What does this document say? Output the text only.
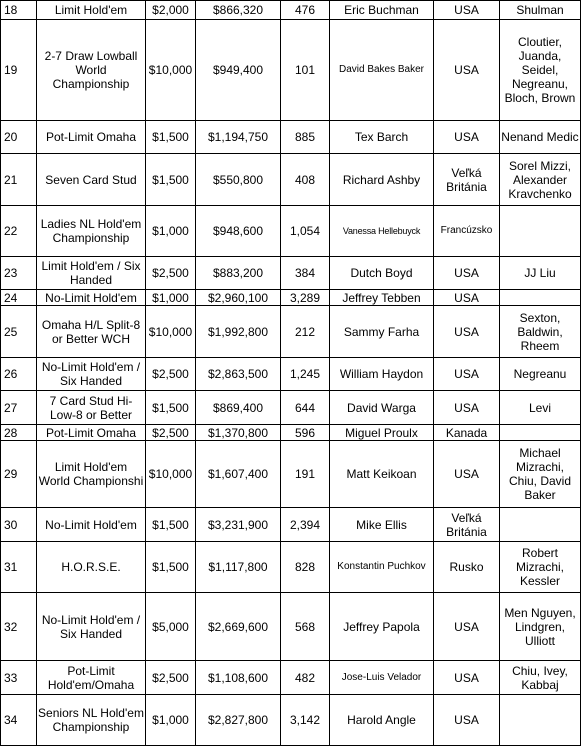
18	Limit Hold'em	$2,000	$866,320	476	Eric Buchman	USA	Shulman
19	2-7 Draw Lowball World Championship	$10,000	$949,400	101	David Bakes Baker	USA	Cloutier, Juanda, Seidel, Negreanu, Bloch, Brown
20	Pot-Limit Omaha	$1,500	$1,194,750	885	Tex Barch	USA	Nenand Medic
21	Seven Card Stud	$1,500	$550,800	408	Richard Ashby	Veľká Británia	Sorel Mizzi, Alexander Kravchenko
22	Ladies NL Hold'em Championship	$1,000	$948,600	1,054	Vanessa Hellebuyck	Francúzsko	
23	Limit Hold'em / Six Handed	$2,500	$883,200	384	Dutch Boyd	USA	JJ Liu
24	No-Limit Hold'em	$1,000	$2,960,100	3,289	Jeffrey Tebben	USA	
25	Omaha H/L Split-8 or Better WCH	$10,000	$1,992,800	212	Sammy Farha	USA	Sexton, Baldwin, Rheem
26	No-Limit Hold'em / Six Handed	$2,500	$2,863,500	1,245	William Haydon	USA	Negreanu
27	7 Card Stud Hi-Low-8 or Better	$1,500	$869,400	644	David Warga	USA	Levi
28	Pot-Limit Omaha	$2,500	$1,370,800	596	Miguel Proulx	Kanada	
29	Limit Hold'em World Championshi	$10,000	$1,607,400	191	Matt Keikoan	USA	Michael Mizrachi, Chiu, David Baker
30	No-Limit Hold'em	$1,500	$3,231,900	2,394	Mike Ellis	Veľká Británia	
31	H.O.R.S.E.	$1,500	$1,117,800	828	Konstantin Puchkov	Rusko	Robert Mizrachi, Kessler
32	No-Limit Hold'em / Six Handed	$5,000	$2,669,600	568	Jeffrey Papola	USA	Men Nguyen, Lindgren, Ulliott
33	Pot-Limit Hold'em/Omaha	$2,500	$1,108,600	482	Jose-Luis Velador	USA	Chiu, Ivey, Kabbaj
34	Seniors NL Hold'em Championship	$1,000	$2,827,800	3,142	Harold Angle	USA	
